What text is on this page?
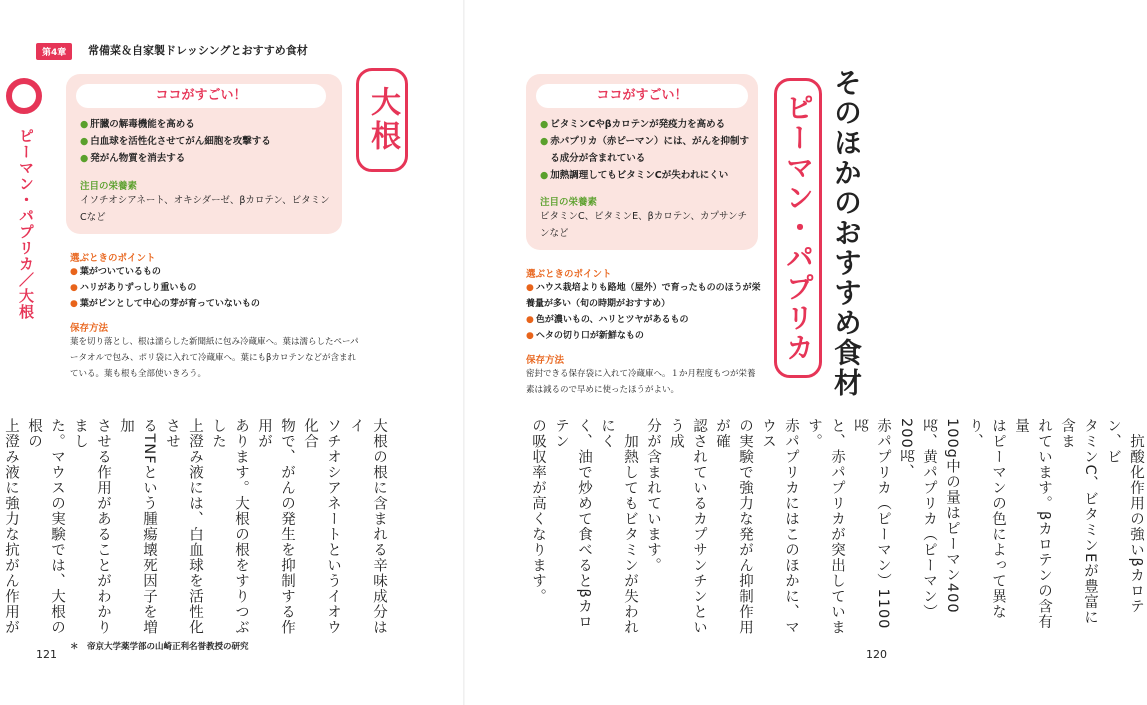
第4章	常備菜＆自家製ドレッシングとおすすめ食材
ピーマン・パプリカ／大根
ココがすごい！
● 肝臓の解毒機能を高める
● 白血球を活性化させてがん細胞を攻撃する
● 発がん物質を消去する
注目の栄養素
イソチオシアネート、オキシダーゼ、βカロテン、ビタミンCなど
大根
選ぶときのポイント
● 葉がついているもの
● ハリがありずっしり重いもの
● 葉がピンとして中心の芽が育っていないもの
保存方法
葉を切り落とし、根は濡らした新聞紙に包み冷蔵庫へ。葉は濡らしたペーパータオルで包み、ポリ袋に入れて冷蔵庫へ。葉にもβカロテンなどが含まれている。葉も根も全部使いきろう。

大根の根に含まれる辛味成分はイ

ソチオシアネートというイオウ化合

物で、がんの発生を抑制する作用が

あります。大根の根をすりつぶした

上澄み液には、白血球を活性化させ

るTNFという腫瘍壊死因子を増加

させる作用があることがわかりまし

た。マウスの実験では、大根の根の

上澄み液に強力な抗がん作用が

＊　帝京大学薬学部の山崎正利名誉教授の研究
121
ココがすごい！
● ビタミンCやβカロテンが発疫力を高める
● 赤パプリカ（赤ピーマン）には、がんを抑制する成分が含まれている
● 加熱調理してもビタミンCが失われにくい
注目の栄養素
ビタミンC、ビタミンE、βカロテン、カプサンチンなど	ピーマン・パプリカ そのほかのおすすめ食材
選ぶときのポイント
● ハウス栽培よりも路地（屋外）で育ったもののほうが栄養量が多い（旬の時期がおすすめ）
● 色が濃いもの、ハリとツヤがあるもの
● ヘタの切り口が新鮮なもの
保存方法
密封できる保存袋に入れて冷蔵庫へ。１か月程度もつが栄養素は減るので早めに使ったほうがよい。

　抗酸化作用の強いβカロテン、ビ

タミンC、ビタミンEが豊富に含ま

れています。βカロテンの含有量

はピーマンの色によって異なり、

100g中の量はピーマン400

㎍、黄パプリカ（ピーマン）200㎍、

赤パプリカ（ピーマン）1100㎍

と、赤パプリカが突出しています。

赤パプリカにはこのほかに、マウス

の実験で強力な発がん抑制作用が確

認されているカプサンチンという成

分が含まれています。

　加熱してもビタミンが失われにく

く、油で炒めて食べるとβカロテン

の吸収率が高くなります。

120
